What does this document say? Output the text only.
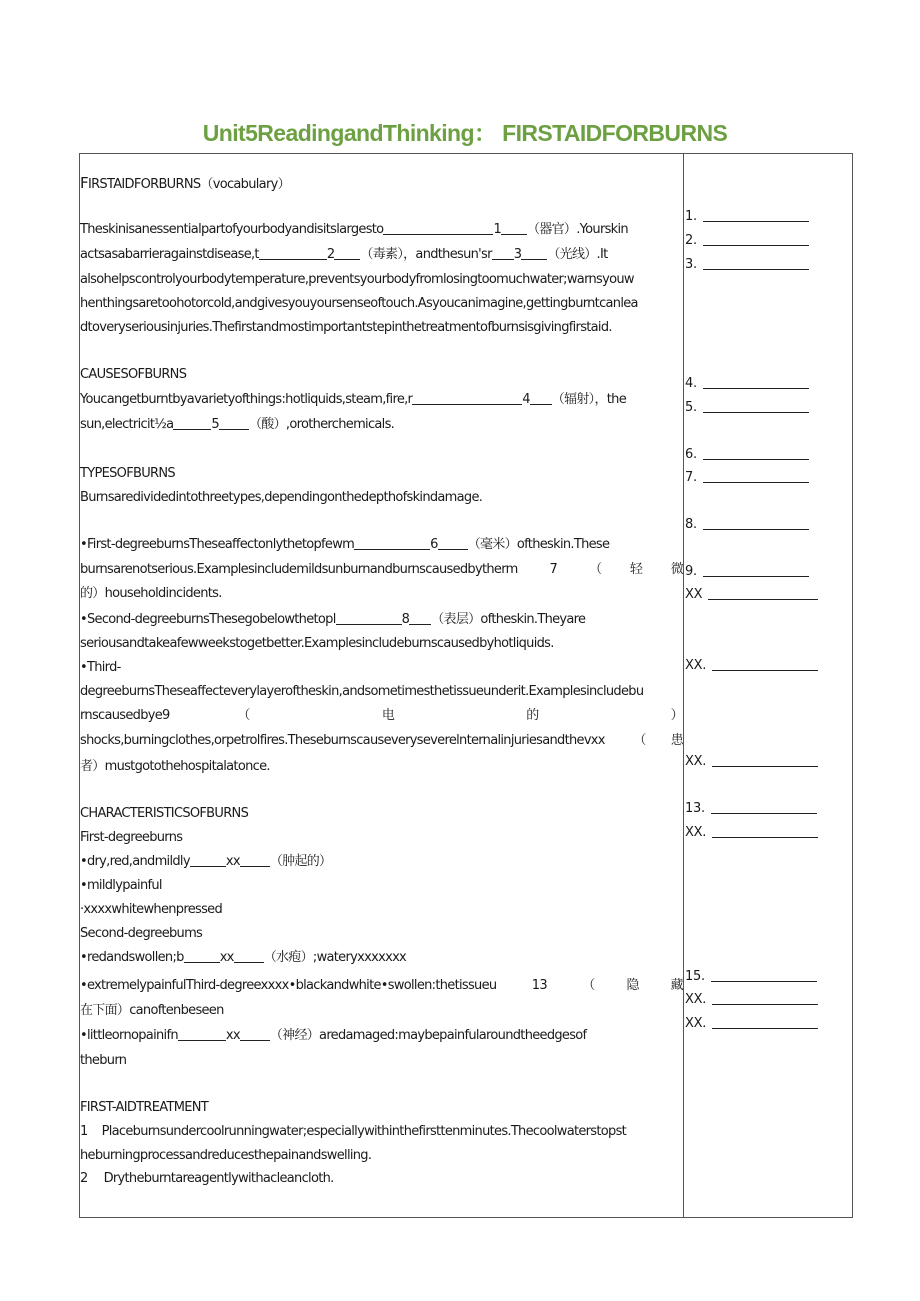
Unit5ReadingandThinking： FIRSTAIDFORBURNS
FIRSTAIDFORBURNS（vocabulary）
Theskinisanessentialpartofyourbodyandisitslargesto	1 （器官）.Yourskin
actsasabarrieragainstdisease,t	2 （毒素），andthesun'sr 3 （光线）.It
alsohelpscontrolyourbodytemperature,preventsyourbodyfromlosingtoomuchwater;warnsyouw
henthingsaretoohotorcold,andgivesyouyoursenseoftouch.Asyoucanimagine,gettingburntcanlea
dtoveryseriousinjuries.Thefirstandmostimportantstepinthetreatmentofburnsisgivingfirstaid.
CAUSESOFBURNS
Youcangetburntbyavarietyofthings:hotliquids,steam,fire,r	4 （辐射），the
sun,electricit½a	5 （酸）,orotherchemicals.
TYPESOFBURNS
Burnsaredividedintothreetypes,dependingonthedepthofskindamage.
•First-degreeburnsTheseaffectonlythetopfewm	6 （毫米）oftheskin.These
burnsarenotserious.Examplesincludemildsunburnandburnscausedbytherm 7 （轻微
的）householdincidents.
•Second-degreeburnsThesegobelowthetopl	8 （表层）oftheskin.Theyare
seriousandtakeafewweekstogetbetter.Examplesincludeburnscausedbyhotliquids.
•Third-
degreeburnsTheseaffecteverylayeroftheskin,andsometimesthetissueunderit.Examplesincludebu
rnscausedbye9	（	电	的	）
shocks,burningclothes,orpetrolfires.Theseburnscauseveryseverelnternalinjuriesandthevxx （患
者）mustgotothehospitalatonce.
CHARACTERISTICSOFBURNS
First-degreeburns
•dry,red,andmildly	xx （肿起的）
•mildlypainful
·xxxxwhitewhenpressed
Second-degreebums
•redandswollen;b	xx （水疱）;wateryxxxxxxx
•extremelypainfulThird-degreexxxx•blackandwhite•swollen:thetissueu	13	（隐藏
在下面）canoftenbeseen
•littleornopainifn	xx （神经）aredamaged:maybepainfularoundtheedgesof
theburn
FIRST-AIDTREATMENT
1 Placeburnsundercoolrunningwater;especiallywithinthefirsttenminutes.Thecoolwaterstopst
heburningprocessandreducesthepainandswelling.
2 Drytheburntareagentlywithacleancloth.
1.
2.
3.
4.
5.
6.
7.
8.
9.
XX
XX.
XX.
13.
XX.
15.
XX.
XX.
